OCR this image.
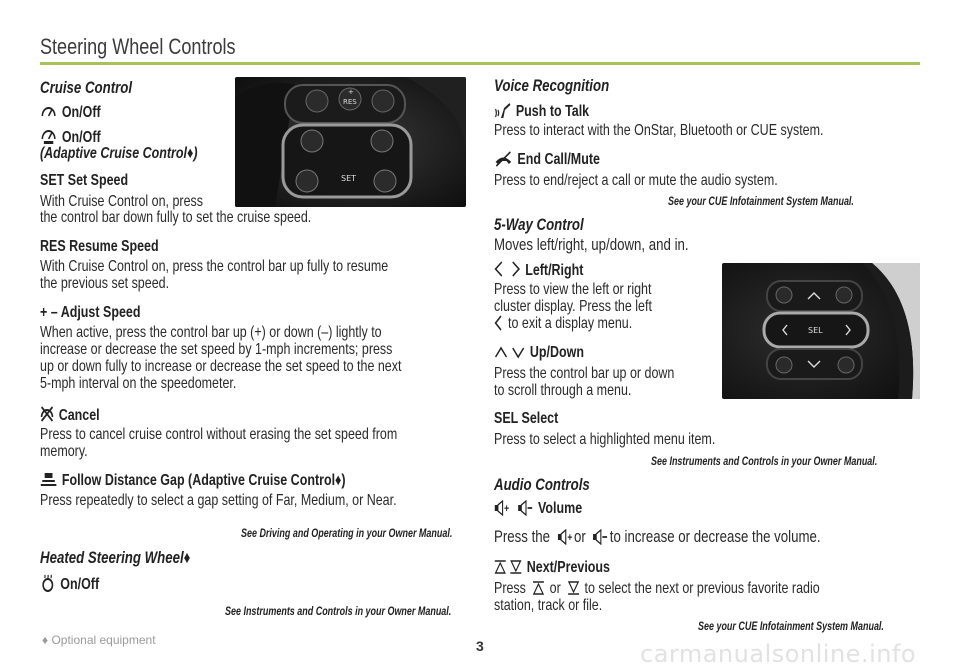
Steering Wheel Controls
Cruise Control
On/Off
On/Off
(Adaptive Cruise Control♦)
SET Set Speed
With Cruise Control on, press
the control bar down fully to set the cruise speed.
RES Resume Speed
With Cruise Control on, press the control bar up fully to resume
the previous set speed.
+ – Adjust Speed
When active, press the control bar up (+) or down (–) lightly to
increase or decrease the set speed by 1-mph increments; press
up or down fully to increase or decrease the set speed to the next
5-mph interval on the speedometer.
Cancel
Press to cancel cruise control without erasing the set speed from
memory.
Follow Distance Gap (Adaptive Cruise Control♦)
Press repeatedly to select a gap setting of Far, Medium, or Near.
See Driving and Operating in your Owner Manual.
Heated Steering Wheel♦
On/Off
See Instruments and Controls in your Owner Manual.
RES
+
SET
Voice Recognition
Push to Talk
Press to interact with the OnStar, Bluetooth or CUE system.
End Call/Mute
Press to end/reject a call or mute the audio system.
See your CUE Infotainment System Manual.
5-Way Control
Moves left/right, up/down, and in.
Left/Right
Press to view the left or right
cluster display. Press the left
to exit a display menu.
Up/Down
Press the control bar up or down
to scroll through a menu.
SEL Select
Press to select a highlighted menu item.
See Instruments and Controls in your Owner Manual.
Audio Controls
+ Volume
Press the + or to increase or decrease the volume.
Next/Previous
Press or to select the next or previous favorite radio
station, track or file.
See your CUE Infotainment System Manual.
SEL
♦ Optional equipment	3	carmanualsonline.info
